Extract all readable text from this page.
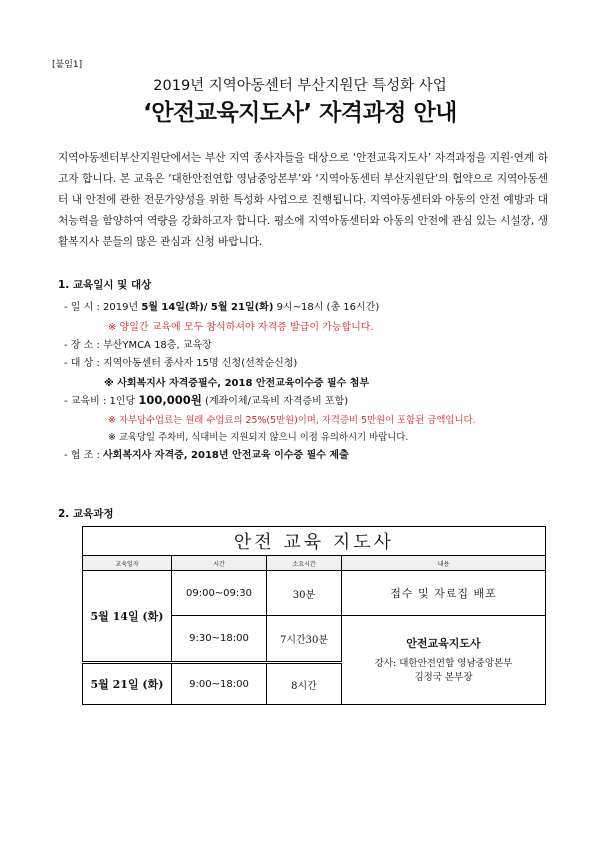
[붙임1]
2019년 지역아동센터 부산지원단 특성화 사업
‘안전교육지도사’ 자격과정 안내

지역아동센터부산지원단에서는 부산 지역 종사자들을 대상으로 ‘안전교육지도사’ 자격과정을 지원·연계 하고자 합니다. 본 교육은 ‘대한안전연합 영남중앙본부’와 ‘지역아동센터 부산지원단’의 협약으로 지역아동센터 내 안전에 관한 전문가양성을 위한 특성화 사업으로 진행됩니다. 지역아동센터와 아동의 안전 예방과 대처능력을 함양하여 역량을 강화하고자 합니다. 평소에 지역아동센터와 아동의 안전에 관심 있는 시설장, 생활복지사 분들의 많은 관심과 신청 바랍니다.

1. 교육일시 및 대상
- 일 시 : 2019년 5월 14일(화)/ 5월 21일(화) 9시~18시 (총 16시간)
※ 양일간 교육에 모두 참석하셔야 자격증 발급이 가능합니다.
- 장 소 : 부산YMCA 18층, 교육장
- 대 상 : 지역아동센터 종사자 15명 신청(선착순신청)
※ 사회복지사 자격증필수, 2018 안전교육이수증 필수 첨부
- 교육비 : 1인당 100,000원 (계좌이체/교육비 자격증비 포함)
※ 자부담수업료는 원래 수업료의 25%(5만원)이며, 자격증비 5만원이 포함된 금액입니다.
※ 교육당일 주차비, 식대비는 지원되지 않으니 이점 유의하시기 바랍니다.
- 협 조 : 사회복지사 자격증, 2018년 안전교육 이수증 필수 제출
2. 교육과정
안전 교육 지도사			
교육일자	시간	소요시간	내용
5월 14일 (화)	09:00~09:30	30분	접수 및 자료집 배포
	9:30~18:00	7시간30분	안전교육지도사
강사: 대한안전연합 영남중앙본부
김정국 본부장

5월 21일 (화)	9:00~18:00	8시간	
